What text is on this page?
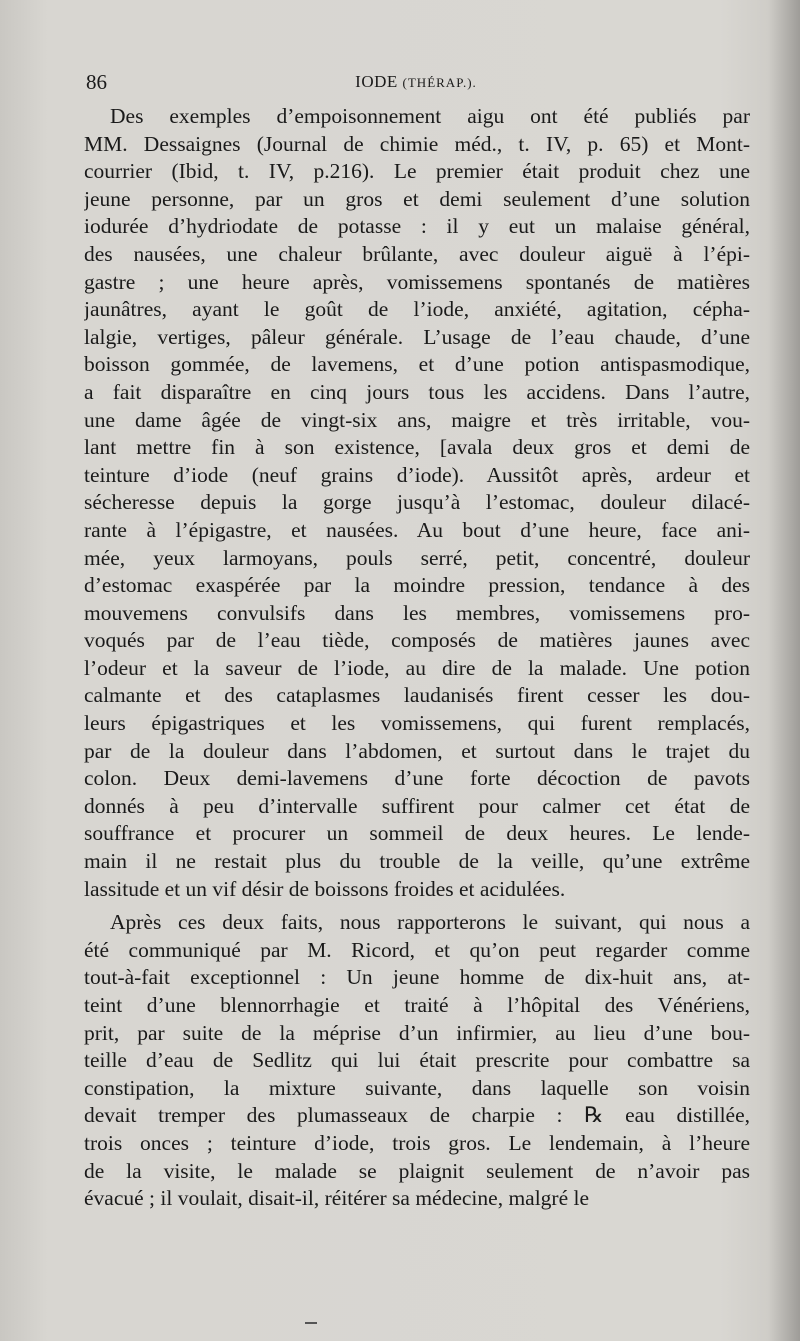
86	IODE (THÉRAP.).
Des exemples d’empoisonnement aigu ont été publiés par
MM. Dessaignes (Journal de chimie méd., t. IV, p. 65) et Mont-
courrier (Ibid, t. IV, p.216). Le premier était produit chez une
jeune personne, par un gros et demi seulement d’une solution
iodurée d’hydriodate de potasse : il y eut un malaise général,
des nausées, une chaleur brûlante, avec douleur aiguë à l’épi-
gastre ; une heure après, vomissemens spontanés de matières
jaunâtres, ayant le goût de l’iode, anxiété, agitation, cépha-
lalgie, vertiges, pâleur générale. L’usage de l’eau chaude, d’une
boisson gommée, de lavemens, et d’une potion antispasmodique,
a fait disparaître en cinq jours tous les accidens. Dans l’autre,
une dame âgée de vingt-six ans, maigre et très irritable, vou-
lant mettre fin à son existence, [avala deux gros et demi de
teinture d’iode (neuf grains d’iode). Aussitôt après, ardeur et
sécheresse depuis la gorge jusqu’à l’estomac, douleur dilacé-
rante à l’épigastre, et nausées. Au bout d’une heure, face ani-
mée, yeux larmoyans, pouls serré, petit, concentré, douleur
d’estomac exaspérée par la moindre pression, tendance à des
mouvemens convulsifs dans les membres, vomissemens pro-
voqués par de l’eau tiède, composés de matières jaunes avec
l’odeur et la saveur de l’iode, au dire de la malade. Une potion
calmante et des cataplasmes laudanisés firent cesser les dou-
leurs épigastriques et les vomissemens, qui furent remplacés,
par de la douleur dans l’abdomen, et surtout dans le trajet du
colon. Deux demi-lavemens d’une forte décoction de pavots
donnés à peu d’intervalle suffirent pour calmer cet état de
souffrance et procurer un sommeil de deux heures. Le lende-
main il ne restait plus du trouble de la veille, qu’une extrême
lassitude et un vif désir de boissons froides et acidulées.
Après ces deux faits, nous rapporterons le suivant, qui nous a
été communiqué par M. Ricord, et qu’on peut regarder comme
tout-à-fait exceptionnel : Un jeune homme de dix-huit ans, at-
teint d’une blennorrhagie et traité à l’hôpital des Vénériens,
prit, par suite de la méprise d’un infirmier, au lieu d’une bou-
teille d’eau de Sedlitz qui lui était prescrite pour combattre sa
constipation, la mixture suivante, dans laquelle son voisin
devait tremper des plumasseaux de charpie : ℞ eau distillée,
trois onces ; teinture d’iode, trois gros. Le lendemain, à l’heure
de la visite, le malade se plaignit seulement de n’avoir pas
évacué ; il voulait, disait-il, réitérer sa médecine, malgré le
